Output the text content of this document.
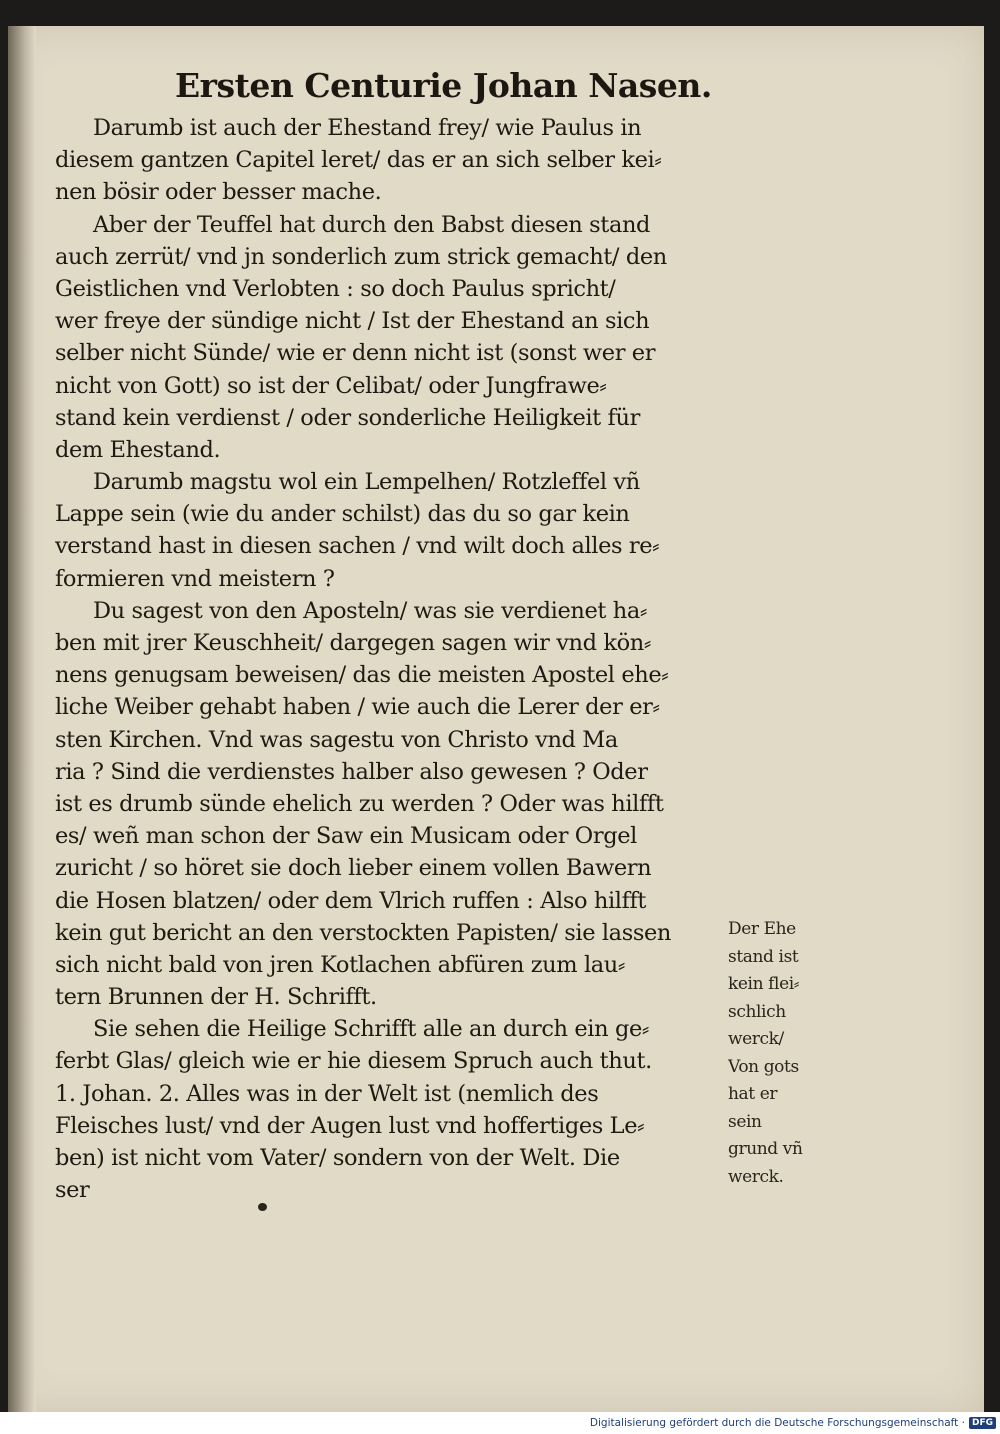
Ersten Centurie Johan Nasen.
Darumb ist auch der Ehestand frey/ wie Paulus in
diesem gantzen Capitel leret/ das er an sich selber kei⸗
nen bösir oder besser mache.
Aber der Teuffel hat durch den Babst diesen stand
auch zerrüt/ vnd jn sonderlich zum strick gemacht/ den
Geistlichen vnd Verlobten : so doch Paulus spricht/
wer freye der sündige nicht / Ist der Ehestand an sich
selber nicht Sünde/ wie er denn nicht ist (sonst wer er
nicht von Gott) so ist der Celibat/ oder Jungfrawe⸗
stand kein verdienst / oder sonderliche Heiligkeit für
dem Ehestand.
Darumb magstu wol ein Lempelhen/ Rotzleffel vñ
Lappe sein (wie du ander schilst) das du so gar kein
verstand hast in diesen sachen / vnd wilt doch alles re⸗
formieren vnd meistern ?
Du sagest von den Aposteln/ was sie verdienet ha⸗
ben mit jrer Keuschheit/ dargegen sagen wir vnd kön⸗
nens genugsam beweisen/ das die meisten Apostel ehe⸗
liche Weiber gehabt haben / wie auch die Lerer der er⸗
sten Kirchen. Vnd was sagestu von Christo vnd Ma
ria ? Sind die verdienstes halber also gewesen ? Oder
ist es drumb sünde ehelich zu werden ? Oder was hilfft
es/ weñ man schon der Saw ein Musicam oder Orgel
zuricht / so höret sie doch lieber einem vollen Bawern
die Hosen blatzen/ oder dem Vlrich ruffen : Also hilfft
kein gut bericht an den verstockten Papisten/ sie lassen
sich nicht bald von jren Kotlachen abfüren zum lau⸗
tern Brunnen der H. Schrifft.
Sie sehen die Heilige Schrifft alle an durch ein ge⸗
ferbt Glas/ gleich wie er hie diesem Spruch auch thut.
1. Johan. 2. Alles was in der Welt ist (nemlich des
Fleisches lust/ vnd der Augen lust vnd hoffertiges Le⸗
ben) ist nicht vom Vater/ sondern von der Welt. Die
ser
Der Ehe
stand ist
kein flei⸗
schlich
werck/
Von gots
hat er
sein
grund vñ
werck.
Digitalisierung gefördert durch die Deutsche Forschungsgemeinschaft · DFG
